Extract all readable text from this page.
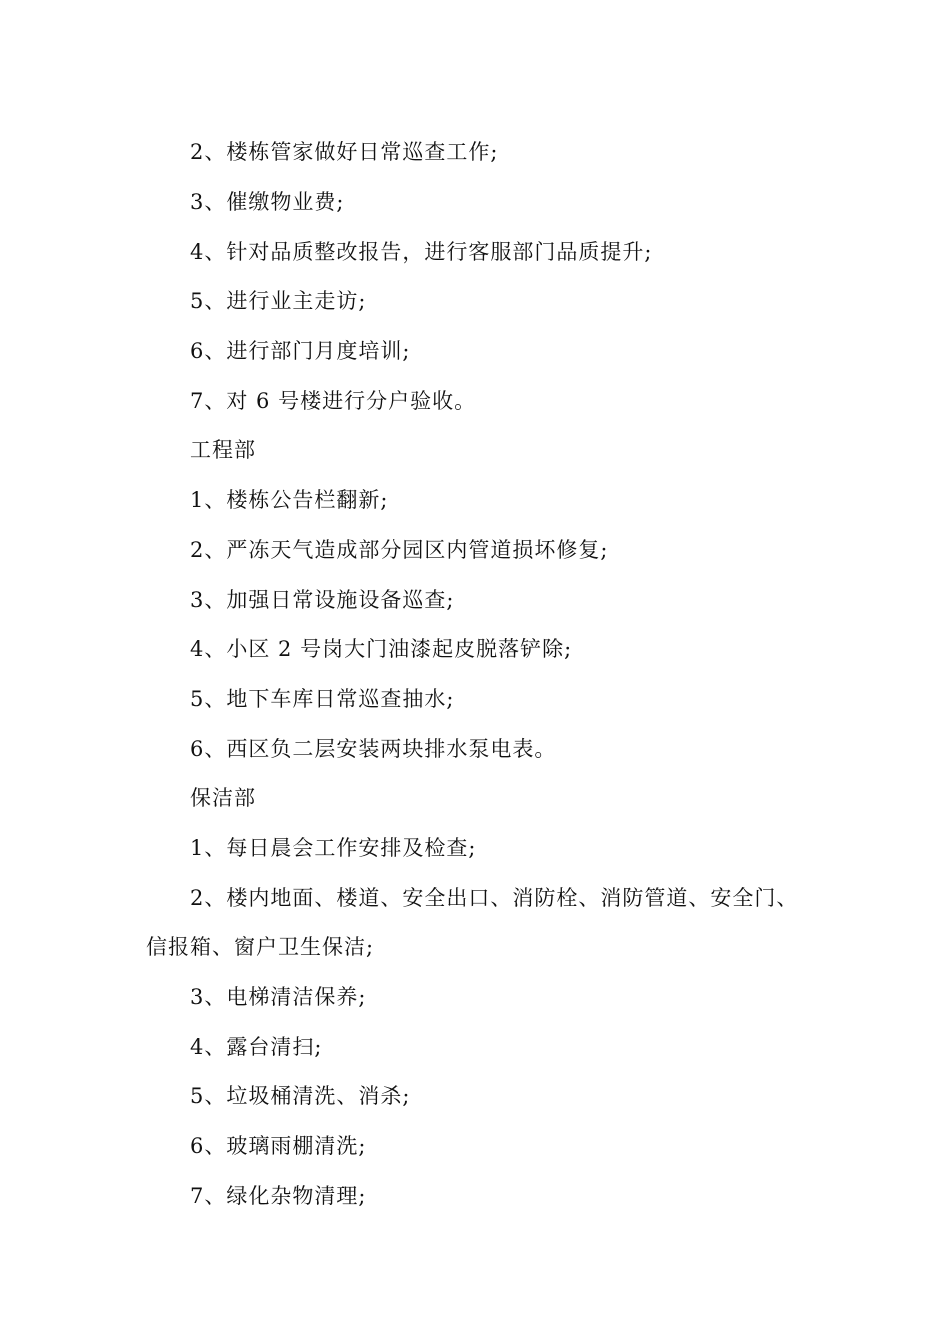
2、楼栋管家做好日常巡查工作;
3、催缴物业费;
4、针对品质整改报告，进行客服部门品质提升;
5、进行业主走访;
6、进行部门月度培训;
7、对 6 号楼进行分户验收。
工程部
1、楼栋公告栏翻新;
2、严冻天气造成部分园区内管道损坏修复;
3、加强日常设施设备巡查;
4、小区 2 号岗大门油漆起皮脱落铲除;
5、地下车库日常巡查抽水;
6、西区负二层安装两块排水泵电表。
保洁部
1、每日晨会工作安排及检查;
2、楼内地面、楼道、安全出口、消防栓、消防管道、安全门、
信报箱、窗户卫生保洁;
3、电梯清洁保养;
4、露台清扫;
5、垃圾桶清洗、消杀;
6、玻璃雨棚清洗;
7、绿化杂物清理;
